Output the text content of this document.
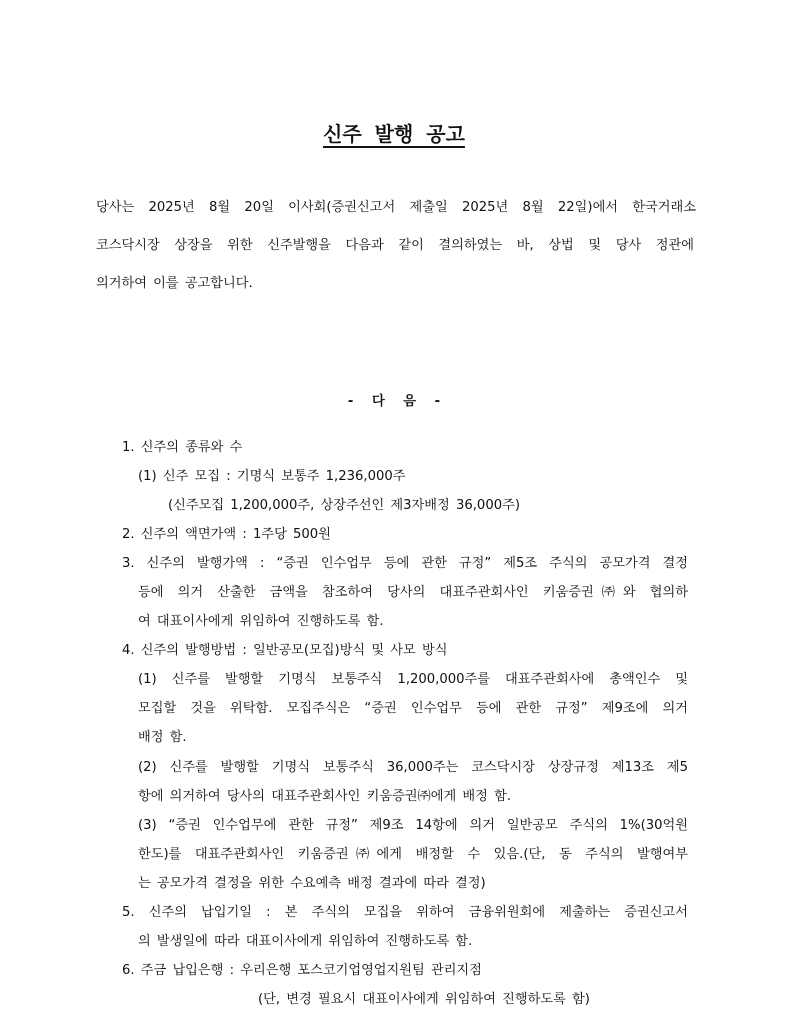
신주 발행 공고
당사는 2025년 8월 20일 이사회(증권신고서 제출일 2025년 8월 22일)에서 한국거래소
코스닥시장 상장을 위한 신주발행을 다음과 같이 결의하였는 바, 상법 및 당사 정관에
의거하여 이를 공고합니다.
- 다 음 -
1. 신주의 종류와 수
(1) 신주 모집 : 기명식 보통주 1,236,000주
(신주모집 1,200,000주, 상장주선인 제3자배정 36,000주)
2. 신주의 액면가액 : 1주당 500원
3. 신주의 발행가액 : “증권 인수업무 등에 관한 규정” 제5조 주식의 공모가격 결정
등에 의거 산출한 금액을 참조하여 당사의 대표주관회사인 키움증권㈜와 협의하
여 대표이사에게 위임하여 진행하도록 함.
4. 신주의 발행방법 : 일반공모(모집)방식 및 사모 방식
(1) 신주를 발행할 기명식 보통주식 1,200,000주를 대표주관회사에 총액인수 및
모집할 것을 위탁함. 모집주식은 “증권 인수업무 등에 관한 규정” 제9조에 의거
배정 함.
(2) 신주를 발행할 기명식 보통주식 36,000주는 코스닥시장 상장규정 제13조 제5
항에 의거하여 당사의 대표주관회사인 키움증권㈜에게 배정 함.
(3) “증권 인수업무에 관한 규정” 제9조 14항에 의거 일반공모 주식의 1%(30억원
한도)를 대표주관회사인 키움증권㈜에게 배정할 수 있음.(단, 동 주식의 발행여부
는 공모가격 결정을 위한 수요예측 배정 결과에 따라 결정)
5. 신주의 납입기일 : 본 주식의 모집을 위하여 금융위원회에 제출하는 증권신고서
의 발생일에 따라 대표이사에게 위임하여 진행하도록 함.
6. 주금 납입은행 : 우리은행 포스코기업영업지원팀 관리지점
(단, 변경 필요시 대표이사에게 위임하여 진행하도록 함)
